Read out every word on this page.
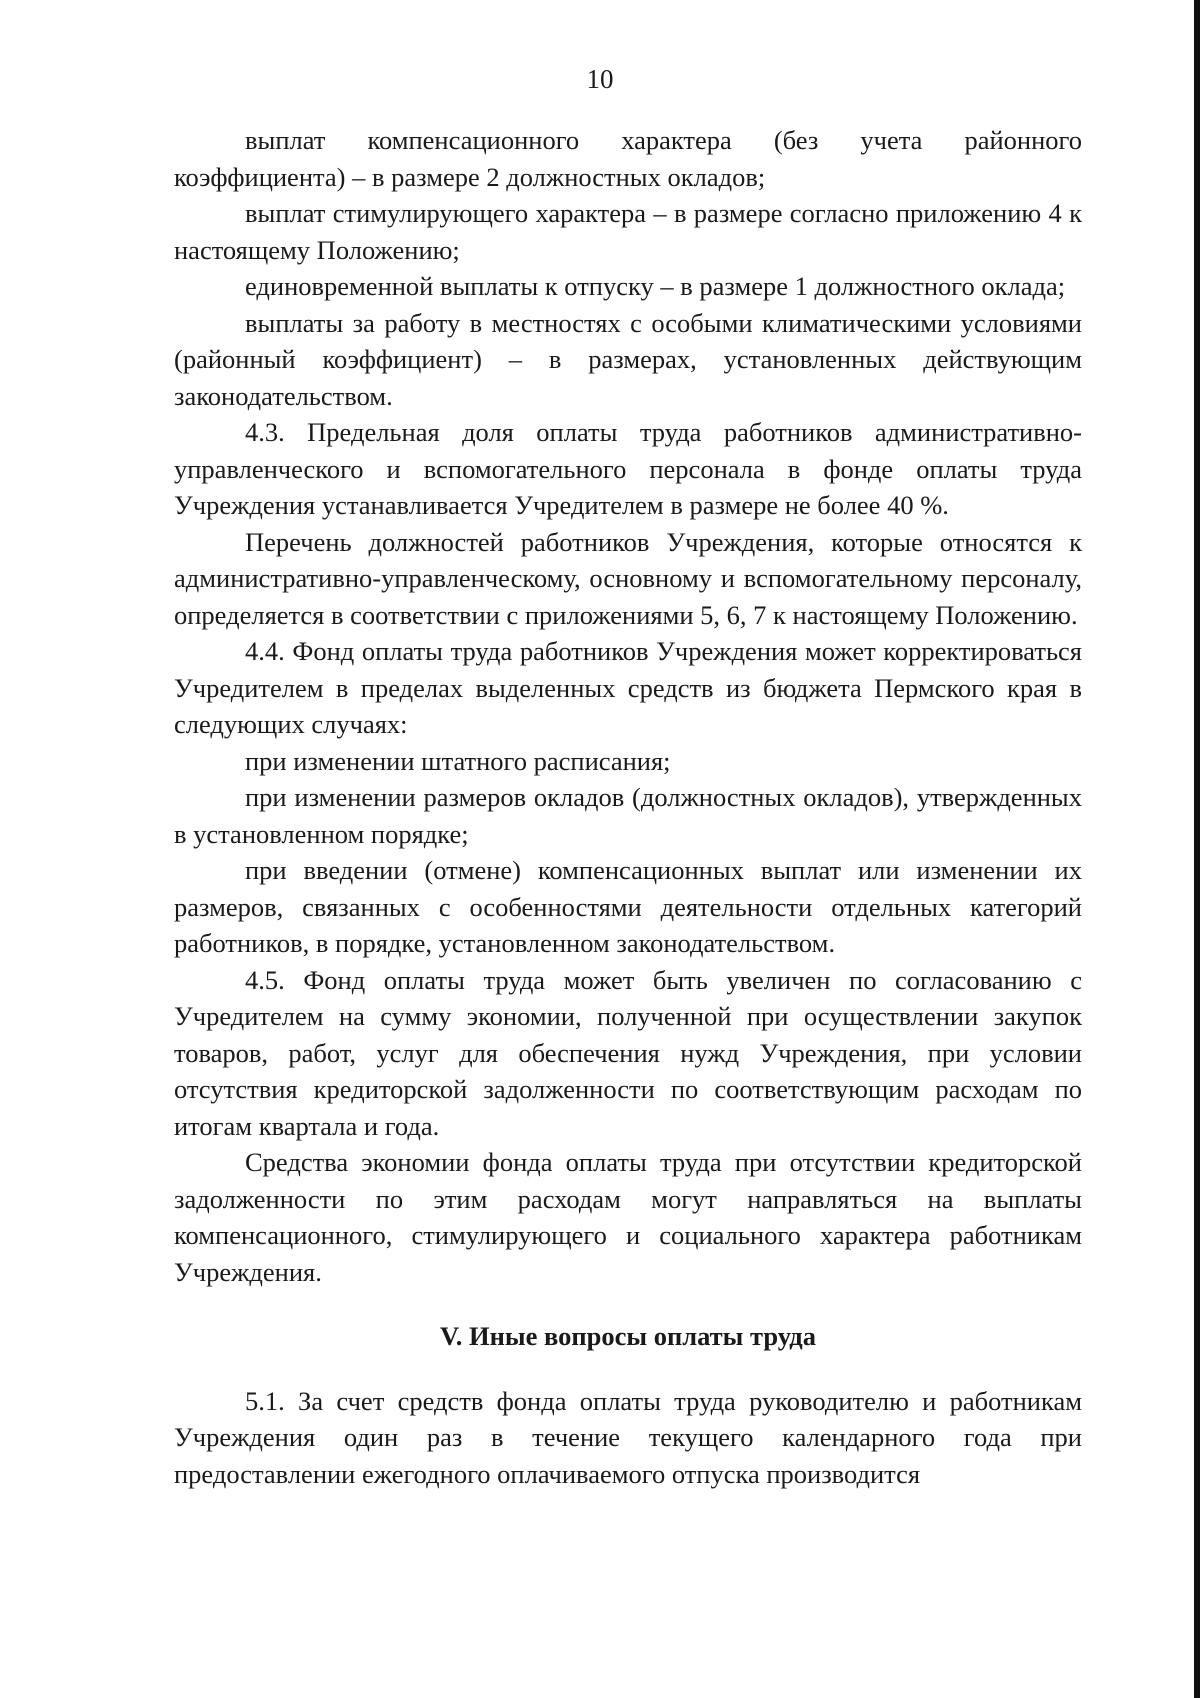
10

выплат компенсационного характера (без учета районного коэффициента) – в размере 2 должностных окладов;

выплат стимулирующего характера – в размере согласно приложению 4 к настоящему Положению;

единовременной выплаты к отпуску – в размере 1 должностного оклада;

выплаты за работу в местностях с особыми климатическими условиями (районный коэффициент) – в размерах, установленных действующим законодательством.

4.3. Предельная доля оплаты труда работников административно-управленческого и вспомогательного персонала в фонде оплаты труда Учреждения устанавливается Учредителем в размере не более 40 %.

Перечень должностей работников Учреждения, которые относятся к административно-управленческому, основному и вспомогательному персоналу, определяется в соответствии с приложениями 5, 6, 7 к настоящему Положению.

4.4. Фонд оплаты труда работников Учреждения может корректироваться Учредителем в пределах выделенных средств из бюджета Пермского края в следующих случаях:

при изменении штатного расписания;

при изменении размеров окладов (должностных окладов), утвержденных в установленном порядке;

при введении (отмене) компенсационных выплат или изменении их размеров, связанных с особенностями деятельности отдельных категорий работников, в порядке, установленном законодательством.

4.5. Фонд оплаты труда может быть увеличен по согласованию с Учредителем на сумму экономии, полученной при осуществлении закупок товаров, работ, услуг для обеспечения нужд Учреждения, при условии отсутствия кредиторской задолженности по соответствующим расходам по итогам квартала и года.

Средства экономии фонда оплаты труда при отсутствии кредиторской задолженности по этим расходам могут направляться на выплаты компенсационного, стимулирующего и социального характера работникам Учреждения.

V. Иные вопросы оплаты труда

5.1. За счет средств фонда оплаты труда руководителю и работникам Учреждения один раз в течение текущего календарного года при предоставлении ежегодного оплачиваемого отпуска производится
